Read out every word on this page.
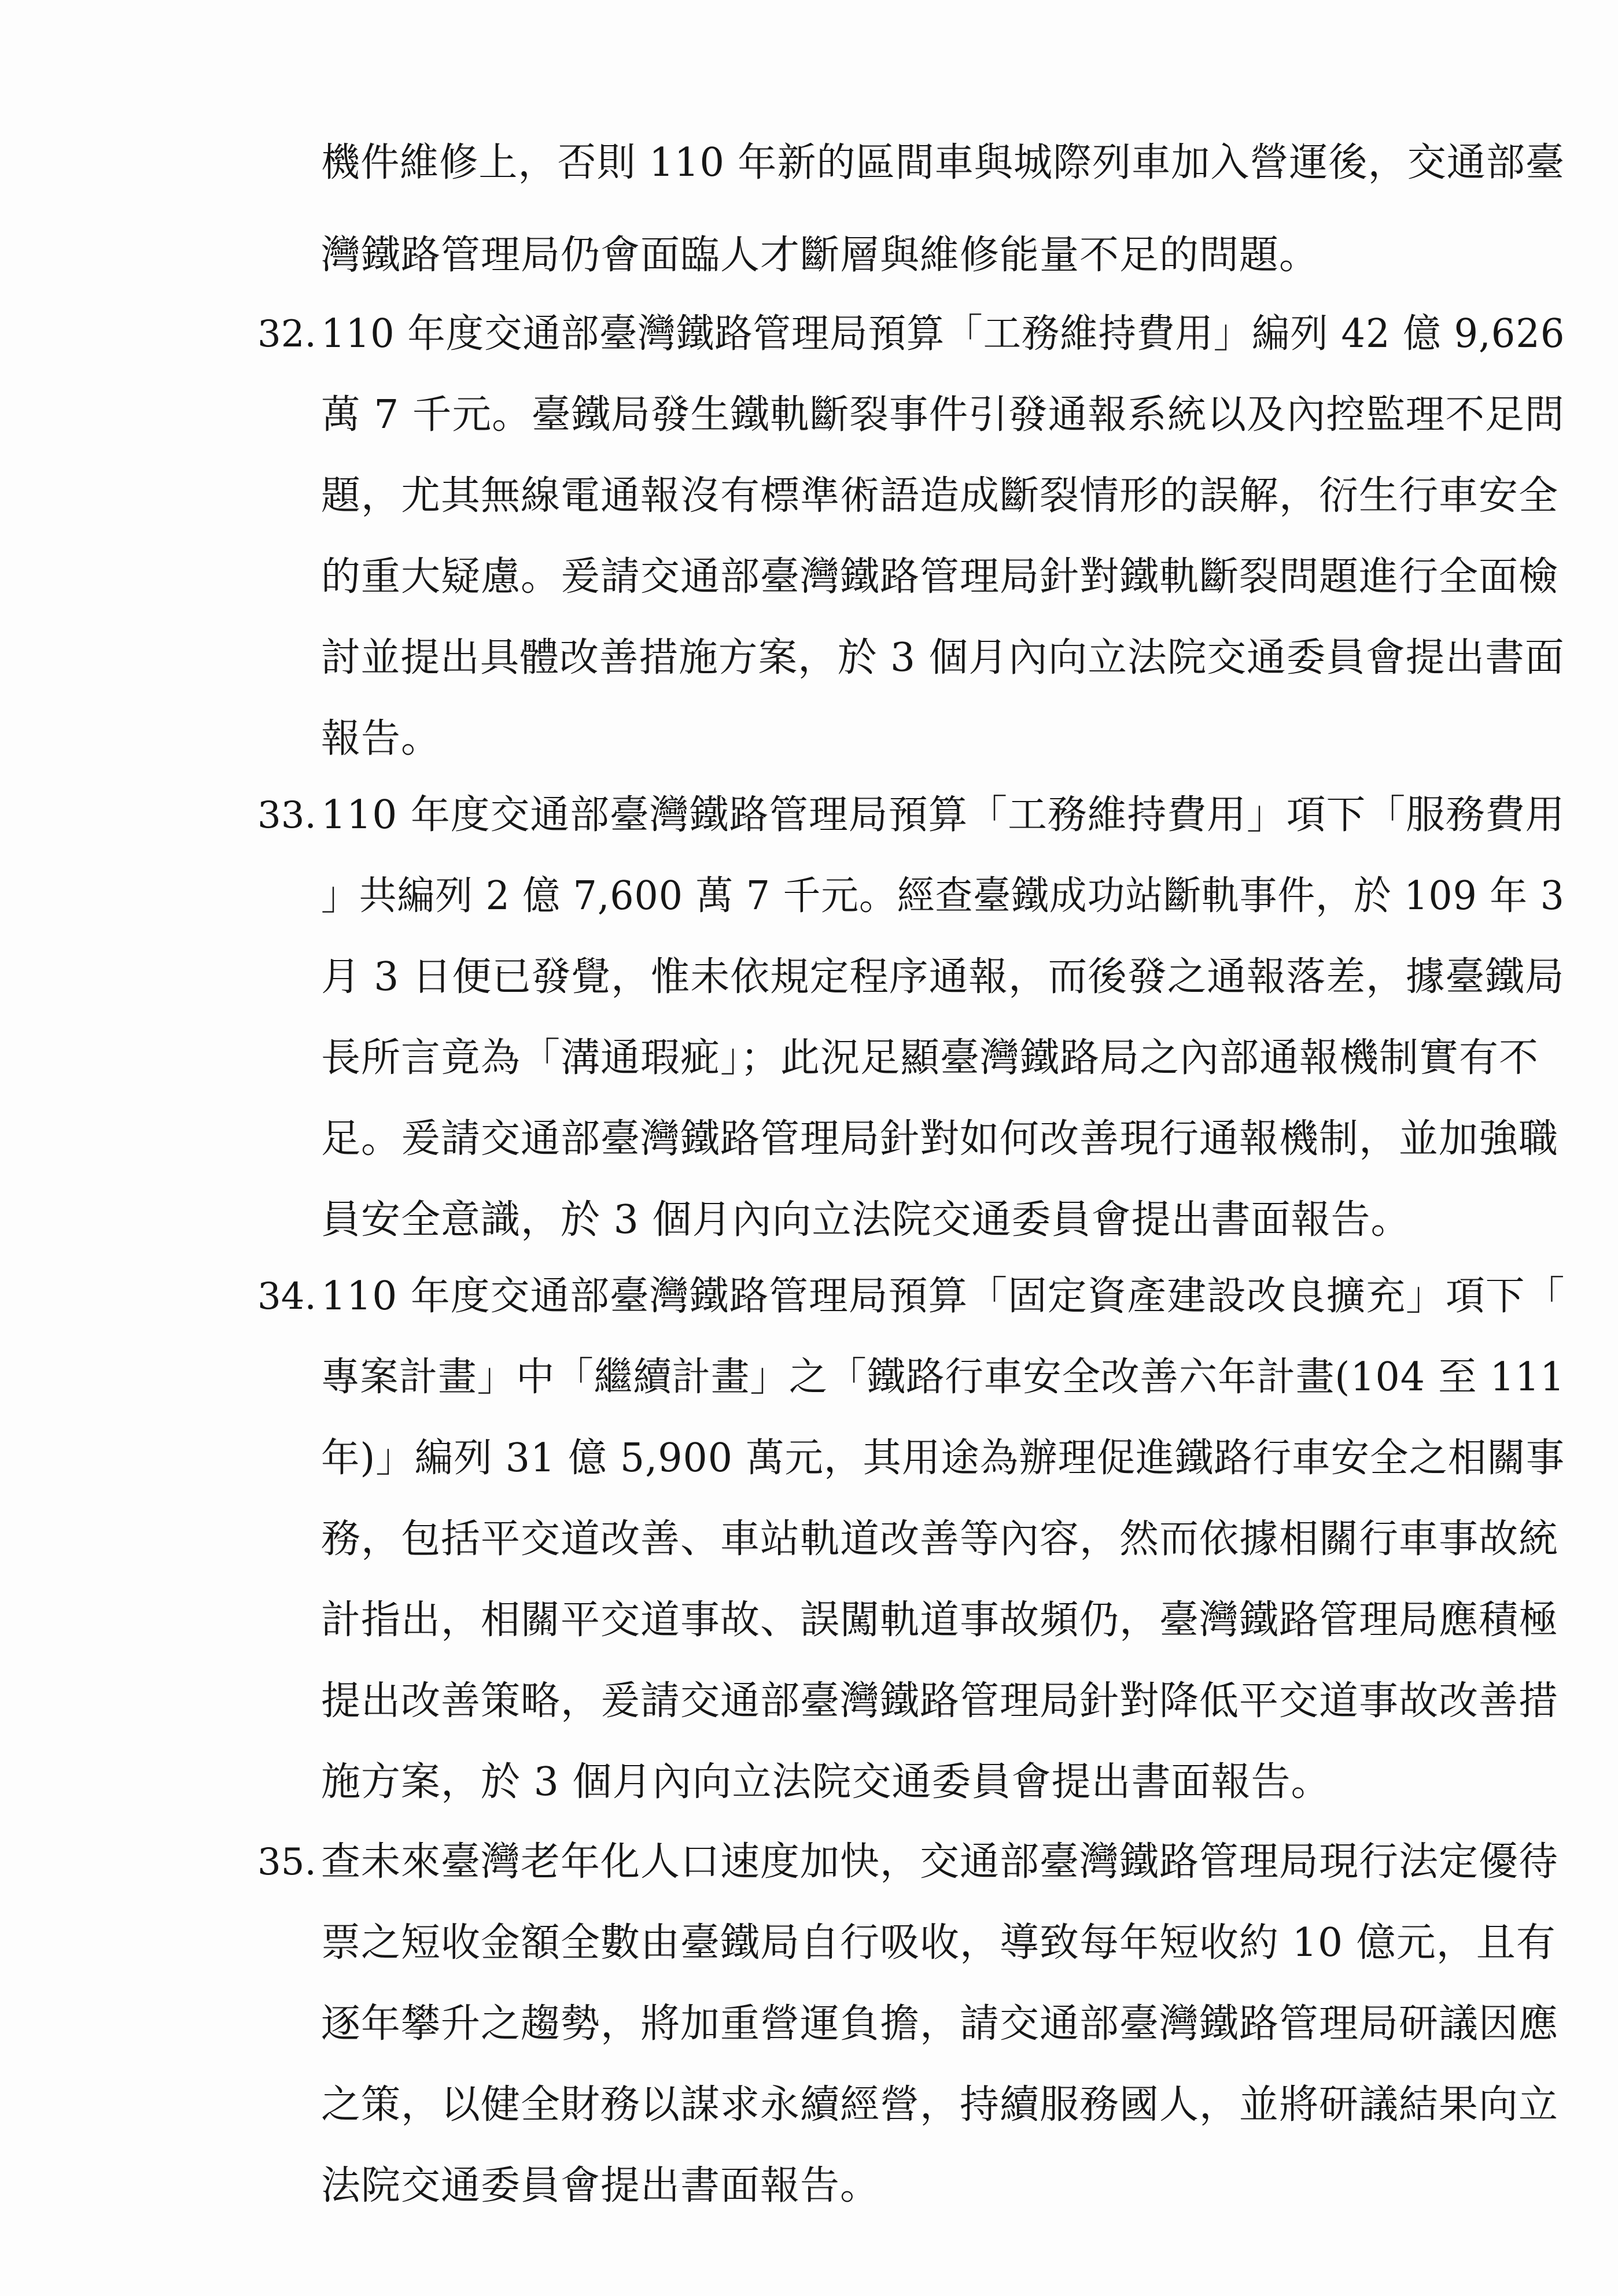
機件維修上，否則 110 年新的區間車與城際列車加入營運後，交通部臺
灣鐵路管理局仍會面臨人才斷層與維修能量不足的問題。
32. 110 年度交通部臺灣鐵路管理局預算「工務維持費用」編列 42 億 9,626
萬 7 千元。臺鐵局發生鐵軌斷裂事件引發通報系統以及內控監理不足問
題，尤其無線電通報沒有標準術語造成斷裂情形的誤解，衍生行車安全
的重大疑慮。爰請交通部臺灣鐵路管理局針對鐵軌斷裂問題進行全面檢
討並提出具體改善措施方案，於 3 個月內向立法院交通委員會提出書面
報告。
33. 110 年度交通部臺灣鐵路管理局預算「工務維持費用」項下「服務費用
」共編列 2 億 7,600 萬 7 千元。經查臺鐵成功站斷軌事件，於 109 年 3
月 3 日便已發覺，惟未依規定程序通報，而後發之通報落差，據臺鐵局
長所言竟為「溝通瑕疵」；此況足顯臺灣鐵路局之內部通報機制實有不
足。爰請交通部臺灣鐵路管理局針對如何改善現行通報機制，並加強職
員安全意識，於 3 個月內向立法院交通委員會提出書面報告。
34. 110 年度交通部臺灣鐵路管理局預算「固定資產建設改良擴充」項下「
專案計畫」中「繼續計畫」之「鐵路行車安全改善六年計畫(104 至 111
年)」編列 31 億 5,900 萬元，其用途為辦理促進鐵路行車安全之相關事
務，包括平交道改善、車站軌道改善等內容，然而依據相關行車事故統
計指出，相關平交道事故、誤闖軌道事故頻仍，臺灣鐵路管理局應積極
提出改善策略，爰請交通部臺灣鐵路管理局針對降低平交道事故改善措
施方案，於 3 個月內向立法院交通委員會提出書面報告。
35. 查未來臺灣老年化人口速度加快，交通部臺灣鐵路管理局現行法定優待
票之短收金額全數由臺鐵局自行吸收，導致每年短收約 10 億元，且有
逐年攀升之趨勢，將加重營運負擔，請交通部臺灣鐵路管理局研議因應
之策，以健全財務以謀求永續經營，持續服務國人，並將研議結果向立
法院交通委員會提出書面報告。
